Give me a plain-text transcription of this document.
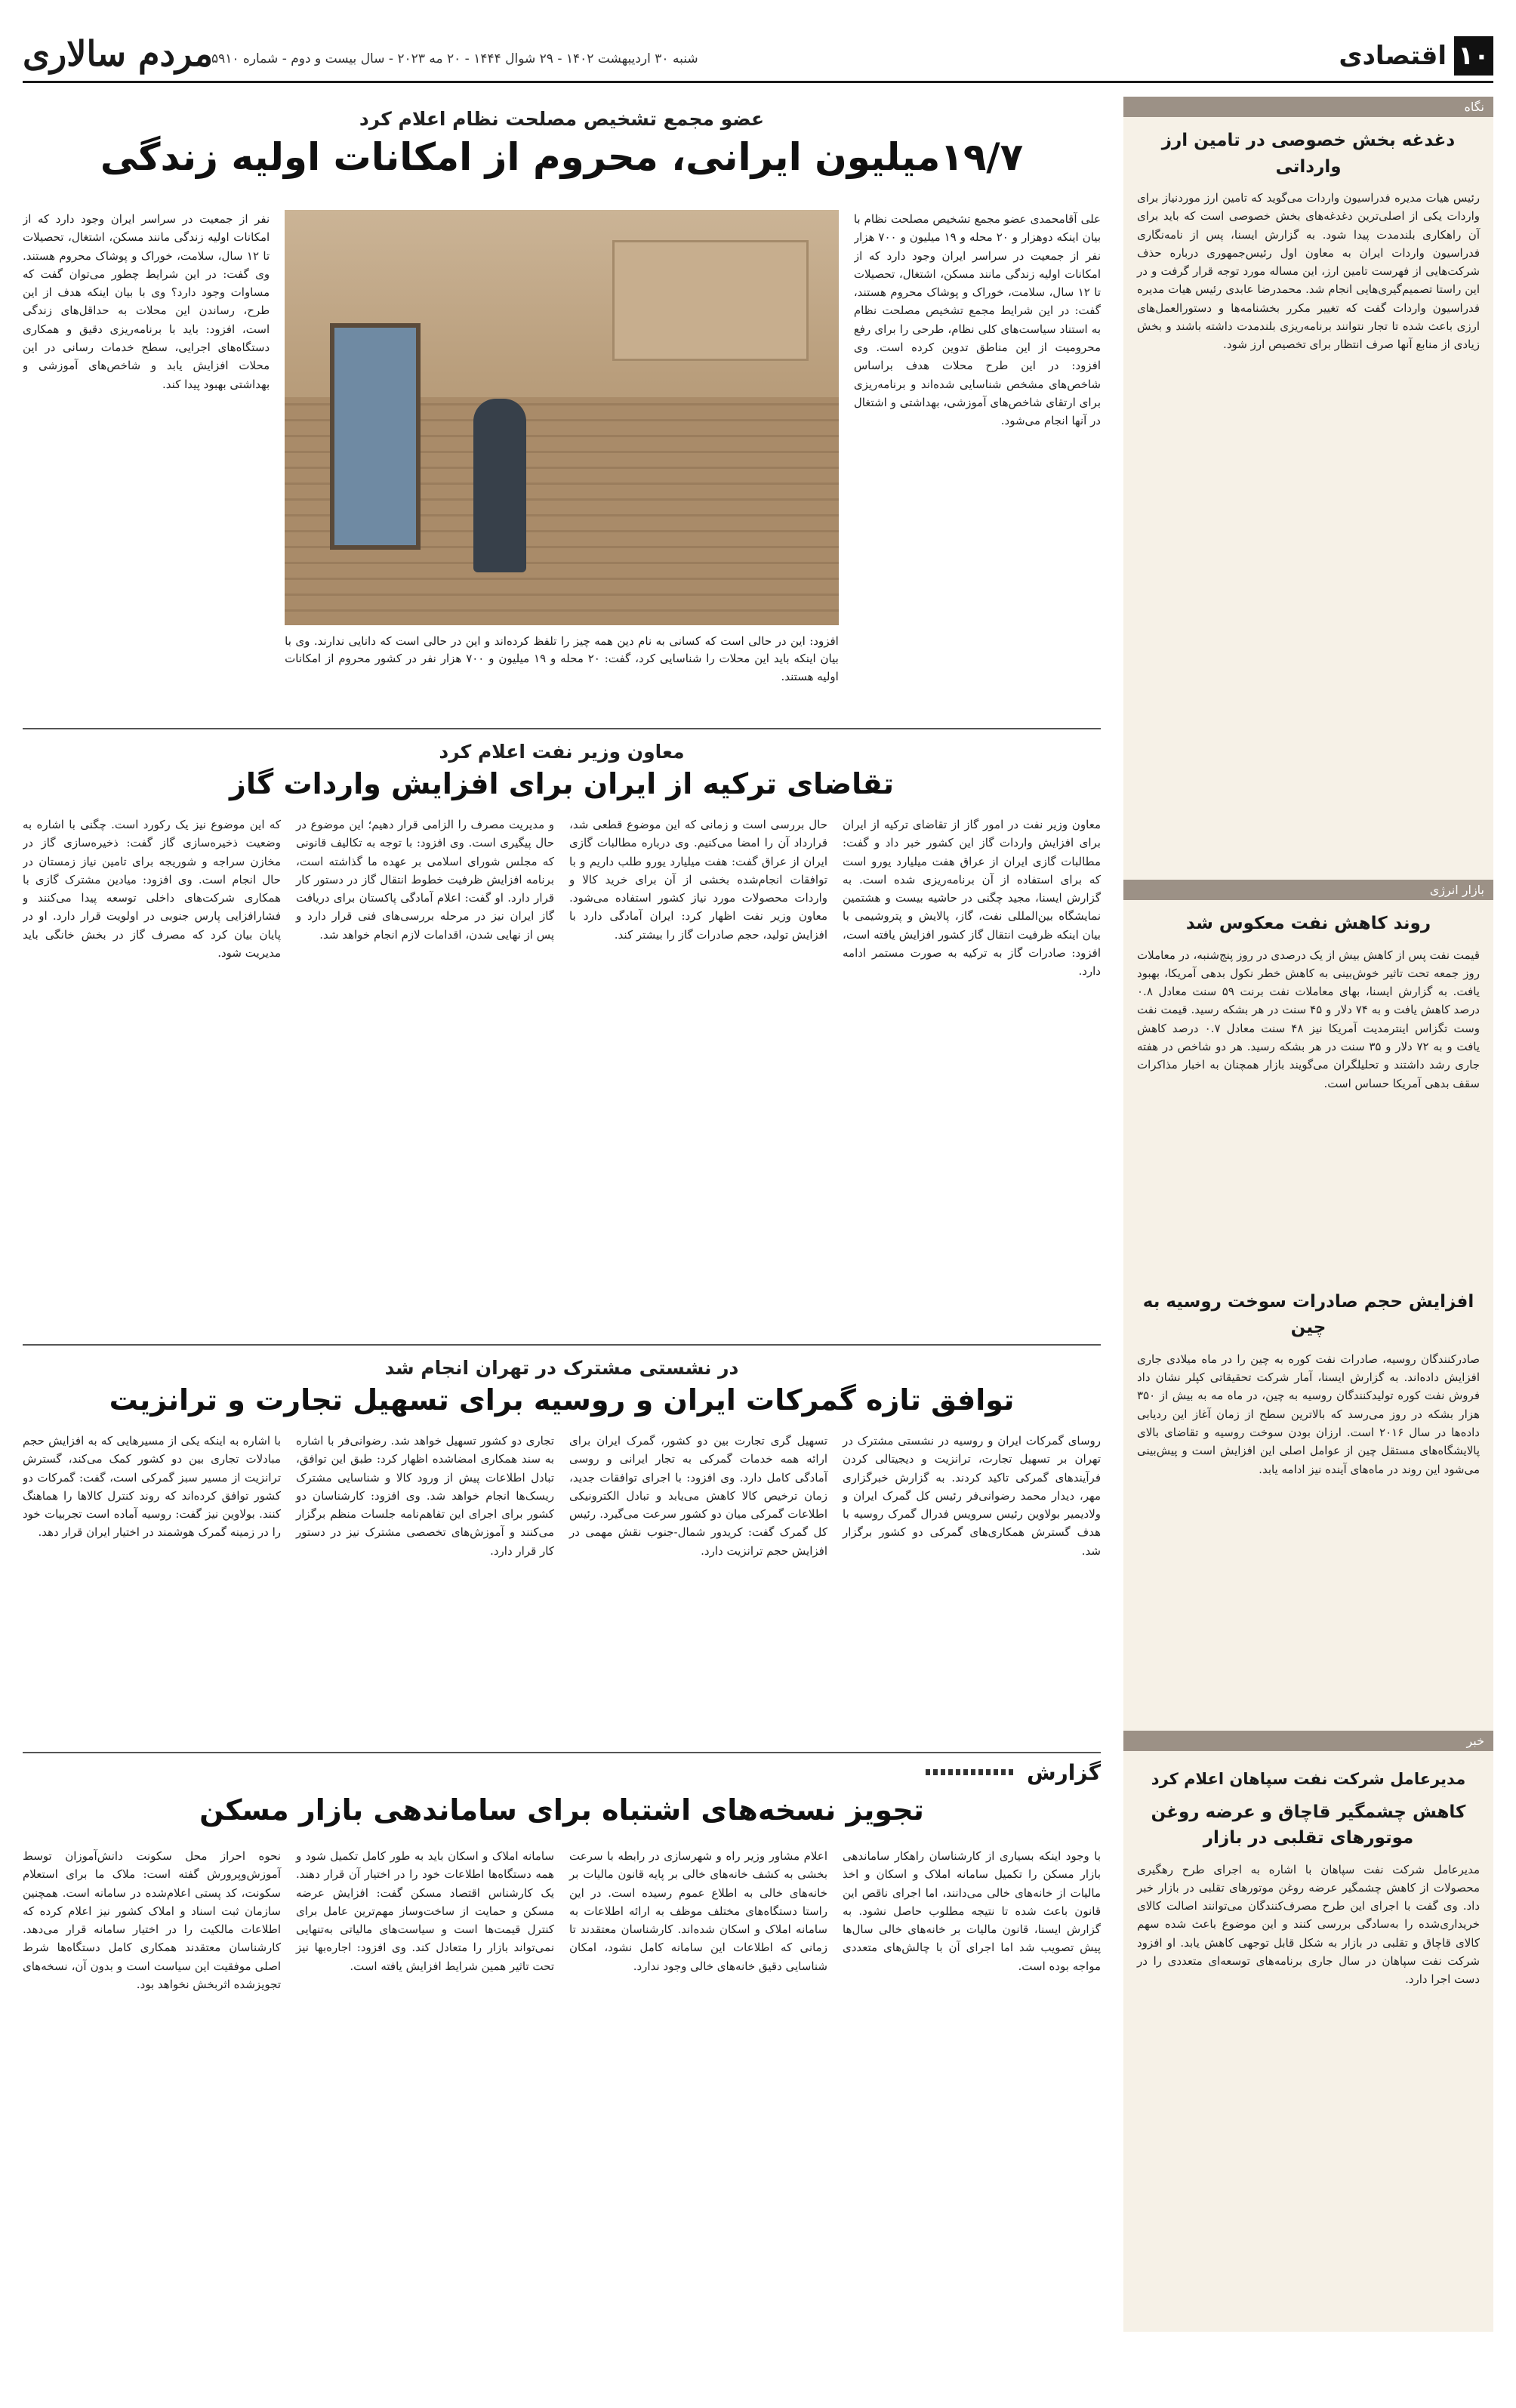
۱۰
اقتصادی
شنبه ۳۰ اردیبهشت ۱۴۰۲ - ۲۹ شوال ۱۴۴۴ - ۲۰ مه ۲۰۲۳ - سال بیست و دوم - شماره ۵۹۱۰
مردم سالاری
نگاه
دغدغه بخش خصوصی در تامین ارز وارداتی
رئیس هیات مدیره فدراسیون واردات می‌گوید که تامین ارز موردنیاز برای واردات یکی از اصلی‌ترین دغدغه‌های بخش خصوصی است که باید برای آن راهکاری بلندمدت پیدا شود. به گزارش ایسنا، پس از نامەنگاری فدراسیون واردات ایران به معاون اول رئیس‌جمهوری درباره حذف شرکت‌هایی از فهرست تامین ارز، این مساله مورد توجه قرار گرفت و در این راستا تصمیم‌گیری‌هایی انجام شد. محمدرضا عابدی رئیس هیات مدیره فدراسیون واردات گفت که تغییر مکرر بخشنامه‌ها و دستورالعمل‌های ارزی باعث شده تا تجار نتوانند برنامه‌ریزی بلندمدت داشته باشند و بخش زیادی از منابع آنها صرف انتظار برای تخصیص ارز شود.
بازار انرژی
روند کاهش نفت معکوس شد
قیمت نفت پس از کاهش بیش از یک درصدی در روز پنج‌شنبه، در معاملات روز جمعه تحت تاثیر خوش‌بینی به کاهش خطر نکول بدهی آمریکا، بهبود یافت. به گزارش ایسنا، بهای معاملات نفت برنت ۵۹ سنت معادل ۰.۸ درصد کاهش یافت و به ۷۴ دلار و ۴۵ سنت در هر بشکه رسید. قیمت نفت وست تگزاس اینترمدیت آمریکا نیز ۴۸ سنت معادل ۰.۷ درصد کاهش یافت و به ۷۲ دلار و ۳۵ سنت در هر بشکه رسید. هر دو شاخص در هفته جاری رشد داشتند و تحلیلگران می‌گویند بازار همچنان به اخبار مذاکرات سقف بدهی آمریکا حساس است.
افزایش حجم صادرات سوخت روسیه به چین
صادرکنندگان روسیه، صادرات نفت کوره به چین را در ماه میلادی جاری افزایش داده‌اند. به گزارش ایسنا، آمار شرکت تحقیقاتی کپلر نشان داد فروش نفت کوره تولیدکنندگان روسیه به چین، در ماه مه به بیش از ۳۵۰ هزار بشکه در روز می‌رسد که بالاترین سطح از زمان آغاز این ردیابی داده‌ها در سال ۲۰۱۶ است. ارزان بودن سوخت روسیه و تقاضای بالای پالایشگاه‌های مستقل چین از عوامل اصلی این افزایش است و پیش‌بینی می‌شود این روند در ماه‌های آینده نیز ادامه یابد.
خبر
مدیرعامل شرکت نفت سپاهان اعلام کرد
کاهش چشمگیر قاچاق و عرضه روغن موتورهای تقلبی در بازار
مدیرعامل شرکت نفت سپاهان با اشاره به اجرای طرح رهگیری محصولات از کاهش چشمگیر عرضه روغن موتورهای تقلبی در بازار خبر داد. وی گفت با اجرای این طرح مصرف‌کنندگان می‌توانند اصالت کالای خریداری‌شده را به‌سادگی بررسی کنند و این موضوع باعث شده سهم کالای قاچاق و تقلبی در بازار به شکل قابل توجهی کاهش یابد. او افزود شرکت نفت سپاهان در سال جاری برنامه‌های توسعه‌ای متعددی را در دست اجرا دارد.
عضو مجمع تشخیص مصلحت نظام اعلام کرد
۱۹/۷میلیون ایرانی، محروم از امکانات اولیه زندگی
علی آقامحمدی عضو مجمع تشخیص مصلحت نظام با بیان اینکه دوهزار و ۲۰ محله و ۱۹ میلیون و ۷۰۰ هزار نفر از جمعیت در سراسر ایران وجود دارد که از امکانات اولیه زندگی مانند مسکن، اشتغال، تحصیلات تا ۱۲ سال، سلامت، خوراک و پوشاک محروم هستند، گفت: در این شرایط مجمع تشخیص مصلحت نظام به استناد سیاست‌های کلی نظام، طرحی را برای رفع محرومیت از این مناطق تدوین کرده است. وی افزود: در این طرح محلات هدف براساس شاخص‌های مشخص شناسایی شده‌اند و برنامه‌ریزی برای ارتقای شاخص‌های آموزشی، بهداشتی و اشتغال در آنها انجام می‌شود.
افزود: این در حالی است که کسانی به نام دین همه چیز را تلفظ کرده‌اند و این در حالی است که دانایی ندارند. وی با بیان اینکه باید این محلات را شناسایی کرد، گفت: ۲۰ محله و ۱۹ میلیون و ۷۰۰ هزار نفر در کشور محروم از امکانات اولیه هستند.
نفر از جمعیت در سراسر ایران وجود دارد که از امکانات اولیه زندگی مانند مسکن، اشتغال، تحصیلات تا ۱۲ سال، سلامت، خوراک و پوشاک محروم هستند. وی گفت: در این شرایط چطور می‌توان گفت که مساوات وجود دارد؟ وی با بیان اینکه هدف از این طرح، رساندن این محلات به حداقل‌های زندگی است، افزود: باید با برنامه‌ریزی دقیق و همکاری دستگاه‌های اجرایی، سطح خدمات رسانی در این محلات افزایش یابد و شاخص‌های آموزشی و بهداشتی بهبود پیدا کند.
معاون وزیر نفت اعلام کرد
تقاضای ترکیه از ایران برای افزایش واردات گاز
معاون وزیر نفت در امور گاز از تقاضای ترکیه از ایران برای افزایش واردات گاز این کشور خبر داد و گفت: مطالبات گازی ایران از عراق هفت میلیارد یورو است که برای استفاده از آن برنامه‌ریزی شده است. به گزارش ایسنا، مجید چگنی در حاشیه بیست و هشتمین نمایشگاه بین‌المللی نفت، گاز، پالایش و پتروشیمی با بیان اینکه ظرفیت انتقال گاز کشور افزایش یافته است، افزود: صادرات گاز به ترکیه به صورت مستمر ادامه دارد.
حال بررسی است و زمانی که این موضوع قطعی شد، قرارداد آن را امضا می‌کنیم. وی درباره مطالبات گازی ایران از عراق گفت: هفت میلیارد یورو طلب داریم و با توافقات انجام‌شده بخشی از آن برای خرید کالا و واردات محصولات مورد نیاز کشور استفاده می‌شود. معاون وزیر نفت اظهار کرد: ایران آمادگی دارد با افزایش تولید، حجم صادرات گاز را بیشتر کند.
و مدیریت مصرف را الزامی قرار دهیم؛ این موضوع در حال پیگیری است. وی افزود: با توجه به تکالیف قانونی که مجلس شورای اسلامی بر عهده ما گذاشته است، برنامه افزایش ظرفیت خطوط انتقال گاز در دستور کار قرار دارد. او گفت: اعلام آمادگی پاکستان برای دریافت گاز ایران نیز در مرحله بررسی‌های فنی قرار دارد و پس از نهایی شدن، اقدامات لازم انجام خواهد شد.
که این موضوع نیز یک رکورد است. چگنی با اشاره به وضعیت ذخیره‌سازی گاز گفت: ذخیره‌سازی گاز در مخازن سراجه و شوریجه برای تامین نیاز زمستان در حال انجام است. وی افزود: میادین مشترک گازی با همکاری شرکت‌های داخلی توسعه پیدا می‌کنند و فشارافزایی پارس جنوبی در اولویت قرار دارد. او در پایان بیان کرد که مصرف گاز در بخش خانگی باید مدیریت شود.
در نشستی مشترک در تهران انجام شد
توافق تازه گمرکات ایران و روسیه برای تسهیل تجارت و ترانزیت
روسای گمرکات ایران و روسیه در نشستی مشترک در تهران بر تسهیل تجارت، ترانزیت و دیجیتالی کردن فرآیندهای گمرکی تاکید کردند. به گزارش خبرگزاری مهر، دیدار محمد رضوانی‌فر رئیس کل گمرک ایران و ولادیمیر بولاوین رئیس سرویس فدرال گمرک روسیه با هدف گسترش همکاری‌های گمرکی دو کشور برگزار شد.
تسهیل گری تجارت بین دو کشور، گمرک ایران برای ارائه همه خدمات گمرکی به تجار ایرانی و روسی آمادگی کامل دارد. وی افزود: با اجرای توافقات جدید، زمان ترخیص کالا کاهش می‌یابد و تبادل الکترونیکی اطلاعات گمرکی میان دو کشور سرعت می‌گیرد. رئیس کل گمرک گفت: کریدور شمال-جنوب نقش مهمی در افزایش حجم ترانزیت دارد.
تجاری دو کشور تسهیل خواهد شد. رضوانی‌فر با اشاره به سند همکاری امضاشده اظهار کرد: طبق این توافق، تبادل اطلاعات پیش از ورود کالا و شناسایی مشترک ریسک‌ها انجام خواهد شد. وی افزود: کارشناسان دو کشور برای اجرای این تفاهم‌نامه جلسات منظم برگزار می‌کنند و آموزش‌های تخصصی مشترک نیز در دستور کار قرار دارد.
با اشاره به اینکه یکی از مسیرهایی که به افزایش حجم مبادلات تجاری بین دو کشور کمک می‌کند، گسترش ترانزیت از مسیر سبز گمرکی است، گفت: گمرکات دو کشور توافق کرده‌اند که روند کنترل کالاها را هماهنگ کنند. بولاوین نیز گفت: روسیه آماده است تجربیات خود را در زمینه گمرک هوشمند در اختیار ایران قرار دهد.
گزارش
تجویز نسخه‌های اشتباه برای ساماندهی بازار مسکن
با وجود اینکه بسیاری از کارشناسان راهکار ساماندهی بازار مسکن را تکمیل سامانه املاک و اسکان و اخذ مالیات از خانه‌های خالی می‌دانند، اما اجرای ناقص این قانون باعث شده تا نتیجه مطلوب حاصل نشود. به گزارش ایسنا، قانون مالیات بر خانه‌های خالی سال‌ها پیش تصویب شد اما اجرای آن با چالش‌های متعددی مواجه بوده است.
اعلام مشاور وزیر راه و شهرسازی در رابطه با سرعت بخشی به کشف خانه‌های خالی بر پایه قانون مالیات بر خانه‌های خالی به اطلاع عموم رسیده است. در این راستا دستگاه‌های مختلف موظف به ارائه اطلاعات به سامانه املاک و اسکان شده‌اند. کارشناسان معتقدند تا زمانی که اطلاعات این سامانه کامل نشود، امکان شناسایی دقیق خانه‌های خالی وجود ندارد.
سامانه املاک و اسکان باید به طور کامل تکمیل شود و همه دستگاه‌ها اطلاعات خود را در اختیار آن قرار دهند. یک کارشناس اقتصاد مسکن گفت: افزایش عرضه مسکن و حمایت از ساخت‌وساز مهم‌ترین عامل برای کنترل قیمت‌ها است و سیاست‌های مالیاتی به‌تنهایی نمی‌تواند بازار را متعادل کند. وی افزود: اجاره‌بها نیز تحت تاثیر همین شرایط افزایش یافته است.
نحوه احراز محل سکونت دانش‌آموزان توسط آموزش‌وپرورش گفته است: ملاک ما برای استعلام سکونت، کد پستی اعلام‌شده در سامانه است. همچنین سازمان ثبت اسناد و املاک کشور نیز اعلام کرده که اطلاعات مالکیت را در اختیار سامانه قرار می‌دهد. کارشناسان معتقدند همکاری کامل دستگاه‌ها شرط اصلی موفقیت این سیاست است و بدون آن، نسخه‌های تجویزشده اثربخش نخواهد بود.
